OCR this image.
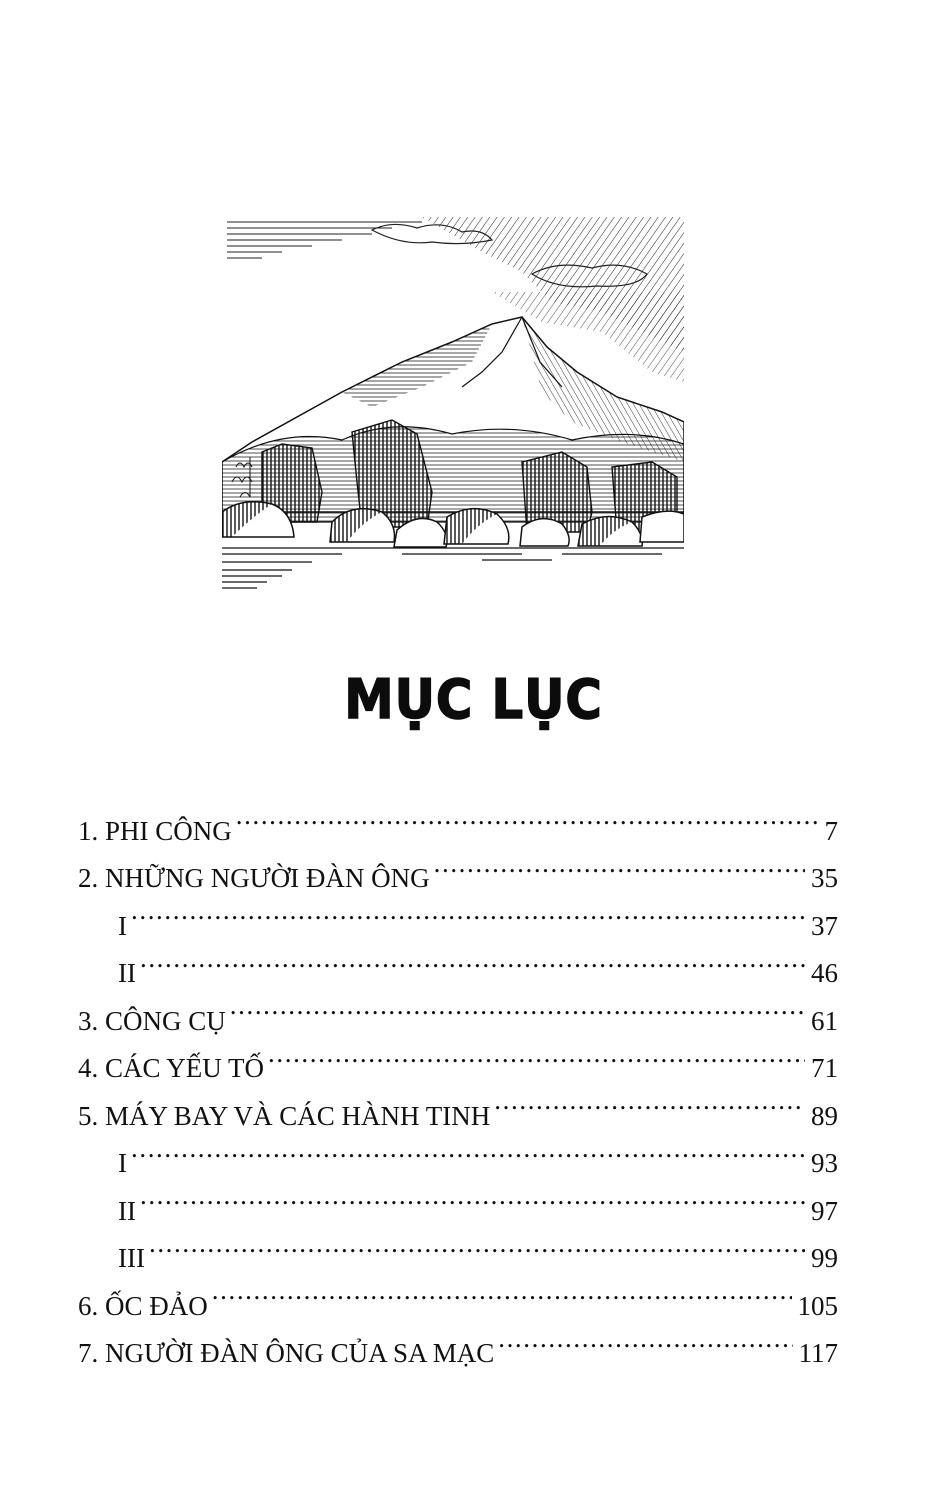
MỤC LỤC
1. PHI CÔNG .....	7
2. NHỮNG NGƯỜI ĐÀN ÔNG .....	35
I .....	37
II .....	46
3. CÔNG CỤ .....	61
4. CÁC YẾU TỐ .....	71
5. MÁY BAY VÀ CÁC HÀNH TINH .....	89
I .....	93
II .....	97
III .....	99
6. ỐC ĐẢO .....	105
7. NGƯỜI ĐÀN ÔNG CỦA SA MẠC .....	117
